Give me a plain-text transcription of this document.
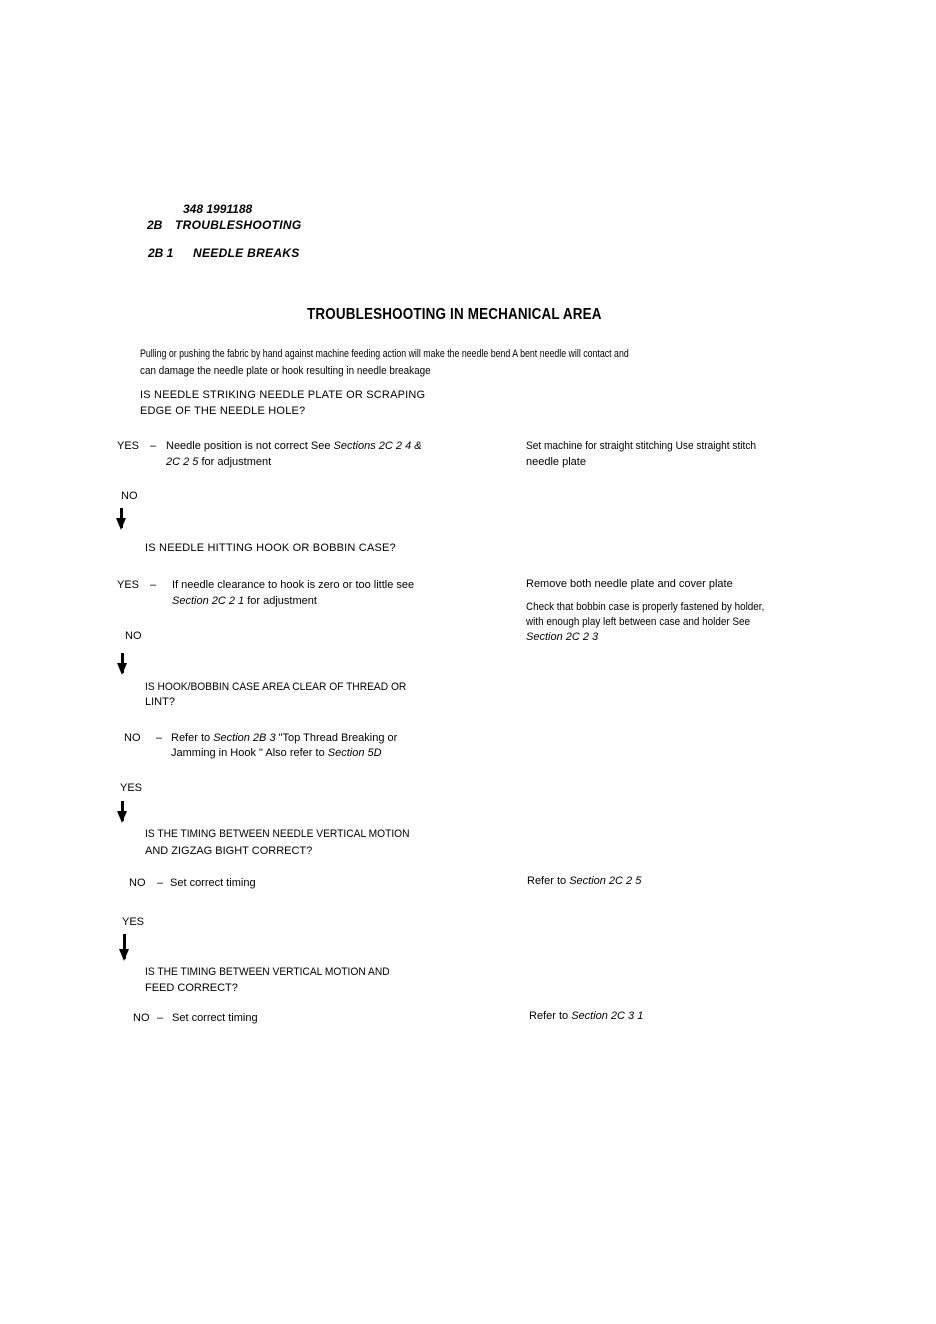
348 1991188
2B TROUBLESHOOTING
2B 1 NEEDLE BREAKS
TROUBLESHOOTING IN MECHANICAL AREA
Pulling or pushing the fabric by hand against machine feeding action will make the needle bend A bent needle will contact and
can damage the needle plate or hook resulting in needle breakage
IS NEEDLE STRIKING NEEDLE PLATE OR SCRAPING
EDGE OF THE NEEDLE HOLE?
YES – Needle position is not correct See Sections 2C 2 4 &
2C 2 5 for adjustment
Set machine for straight stitching Use straight stitch
needle plate
NO
IS NEEDLE HITTING HOOK OR BOBBIN CASE?
YES – If needle clearance to hook is zero or too little see
Section 2C 2 1 for adjustment
Remove both needle plate and cover plate
Check that bobbin case is properly fastened by holder,
with enough play left between case and holder See
Section 2C 2 3
NO
IS HOOK/BOBBIN CASE AREA CLEAR OF THREAD OR
LINT?
NO – Refer to Section 2B 3 "Top Thread Breaking or
Jamming in Hook " Also refer to Section 5D
YES
IS THE TIMING BETWEEN NEEDLE VERTICAL MOTION
AND ZIGZAG BIGHT CORRECT?
NO – Set correct timing	Refer to Section 2C 2 5
YES
IS THE TIMING BETWEEN VERTICAL MOTION AND
FEED CORRECT?
NO – Set correct timing	Refer to Section 2C 3 1
